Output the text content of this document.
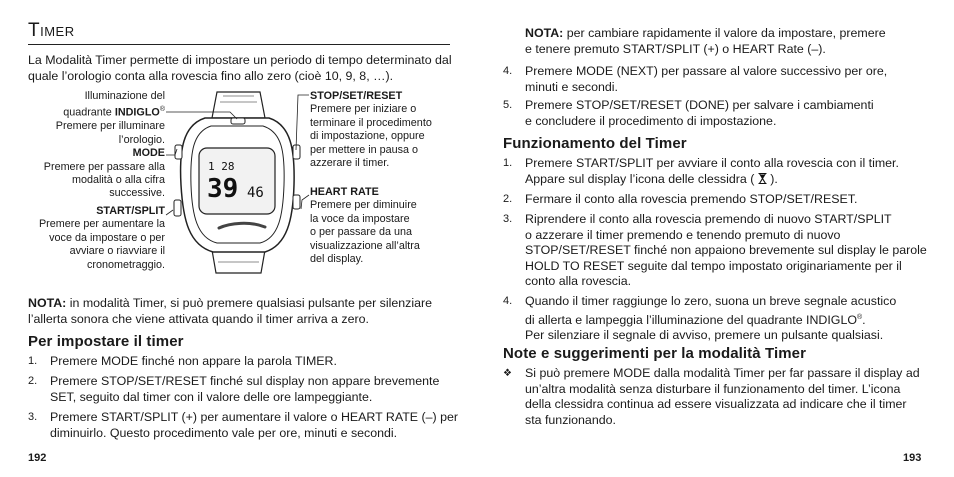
Timer

La Modalità Timer permette di impostare un periodo di tempo determinato dal quale l’orologio conta alla rovescia fino allo zero (cioè 10, 9, 8, …).

Illuminazione del
quadrante INDIGLO®
Premere per illuminare
l’orologio.
MODE
Premere per passare alla
modalità o alla cifra
successive.
START/SPLIT
Premere per aumentare la
voce da impostare o per
avviare o riavviare il
cronometraggio.
STOP/SET/RESET
Premere per iniziare o
terminare il procedimento
di impostazione, oppure
per mettere in pausa o
azzerare il timer.
HEART RATE
Premere per diminuire
la voce da impostare
o per passare da una
visualizzazione all’altra
del display.
1 28
39 46

NOTA: in modalità Timer, si può premere qualsiasi pulsante per silenziare l’allerta sonora che viene attivata quando il timer arriva a zero.

Per impostare il timer
1. Premere MODE finché non appare la parola TIMER.
2. Premere STOP/SET/RESET finché sul display non appare brevemente
SET, seguito dal timer con il valore delle ore lampeggiante.
3. Premere START/SPLIT (+) per aumentare il valore o HEART RATE (–) per
diminuirlo. Questo procedimento vale per ore, minuti e secondi.
192
NOTA: per cambiare rapidamente il valore da impostare, premere
e tenere premuto START/SPLIT (+) o HEART Rate (–).
4. Premere MODE (NEXT) per passare al valore successivo per ore,
minuti e secondi.
5. Premere STOP/SET/RESET (DONE) per salvare i cambiamenti
e concludere il procedimento di impostazione.
Funzionamento del Timer
1. Premere START/SPLIT per avviare il conto alla rovescia con il timer.
Appare sul display l’icona delle clessidra (  ).
2. Fermare il conto alla rovescia premendo STOP/SET/RESET.
3. Riprendere il conto alla rovescia premendo di nuovo START/SPLIT
o azzerare il timer premendo e tenendo premuto di nuovo
STOP/SET/RESET finché non appaiono brevemente sul display le parole
HOLD TO RESET seguite dal tempo impostato originariamente per il
conto alla rovescia.
4. Quando il timer raggiunge lo zero, suona un breve segnale acustico
di allerta e lampeggia l’illuminazione del quadrante INDIGLO®.
Per silenziare il segnale di avviso, premere un pulsante qualsiasi.
Note e suggerimenti per la modalità Timer
❖ Si può premere MODE dalla modalità Timer per far passare il display ad
un’altra modalità senza disturbare il funzionamento del timer. L’icona
della clessidra continua ad essere visualizzata ad indicare che il timer
sta funzionando.
193
